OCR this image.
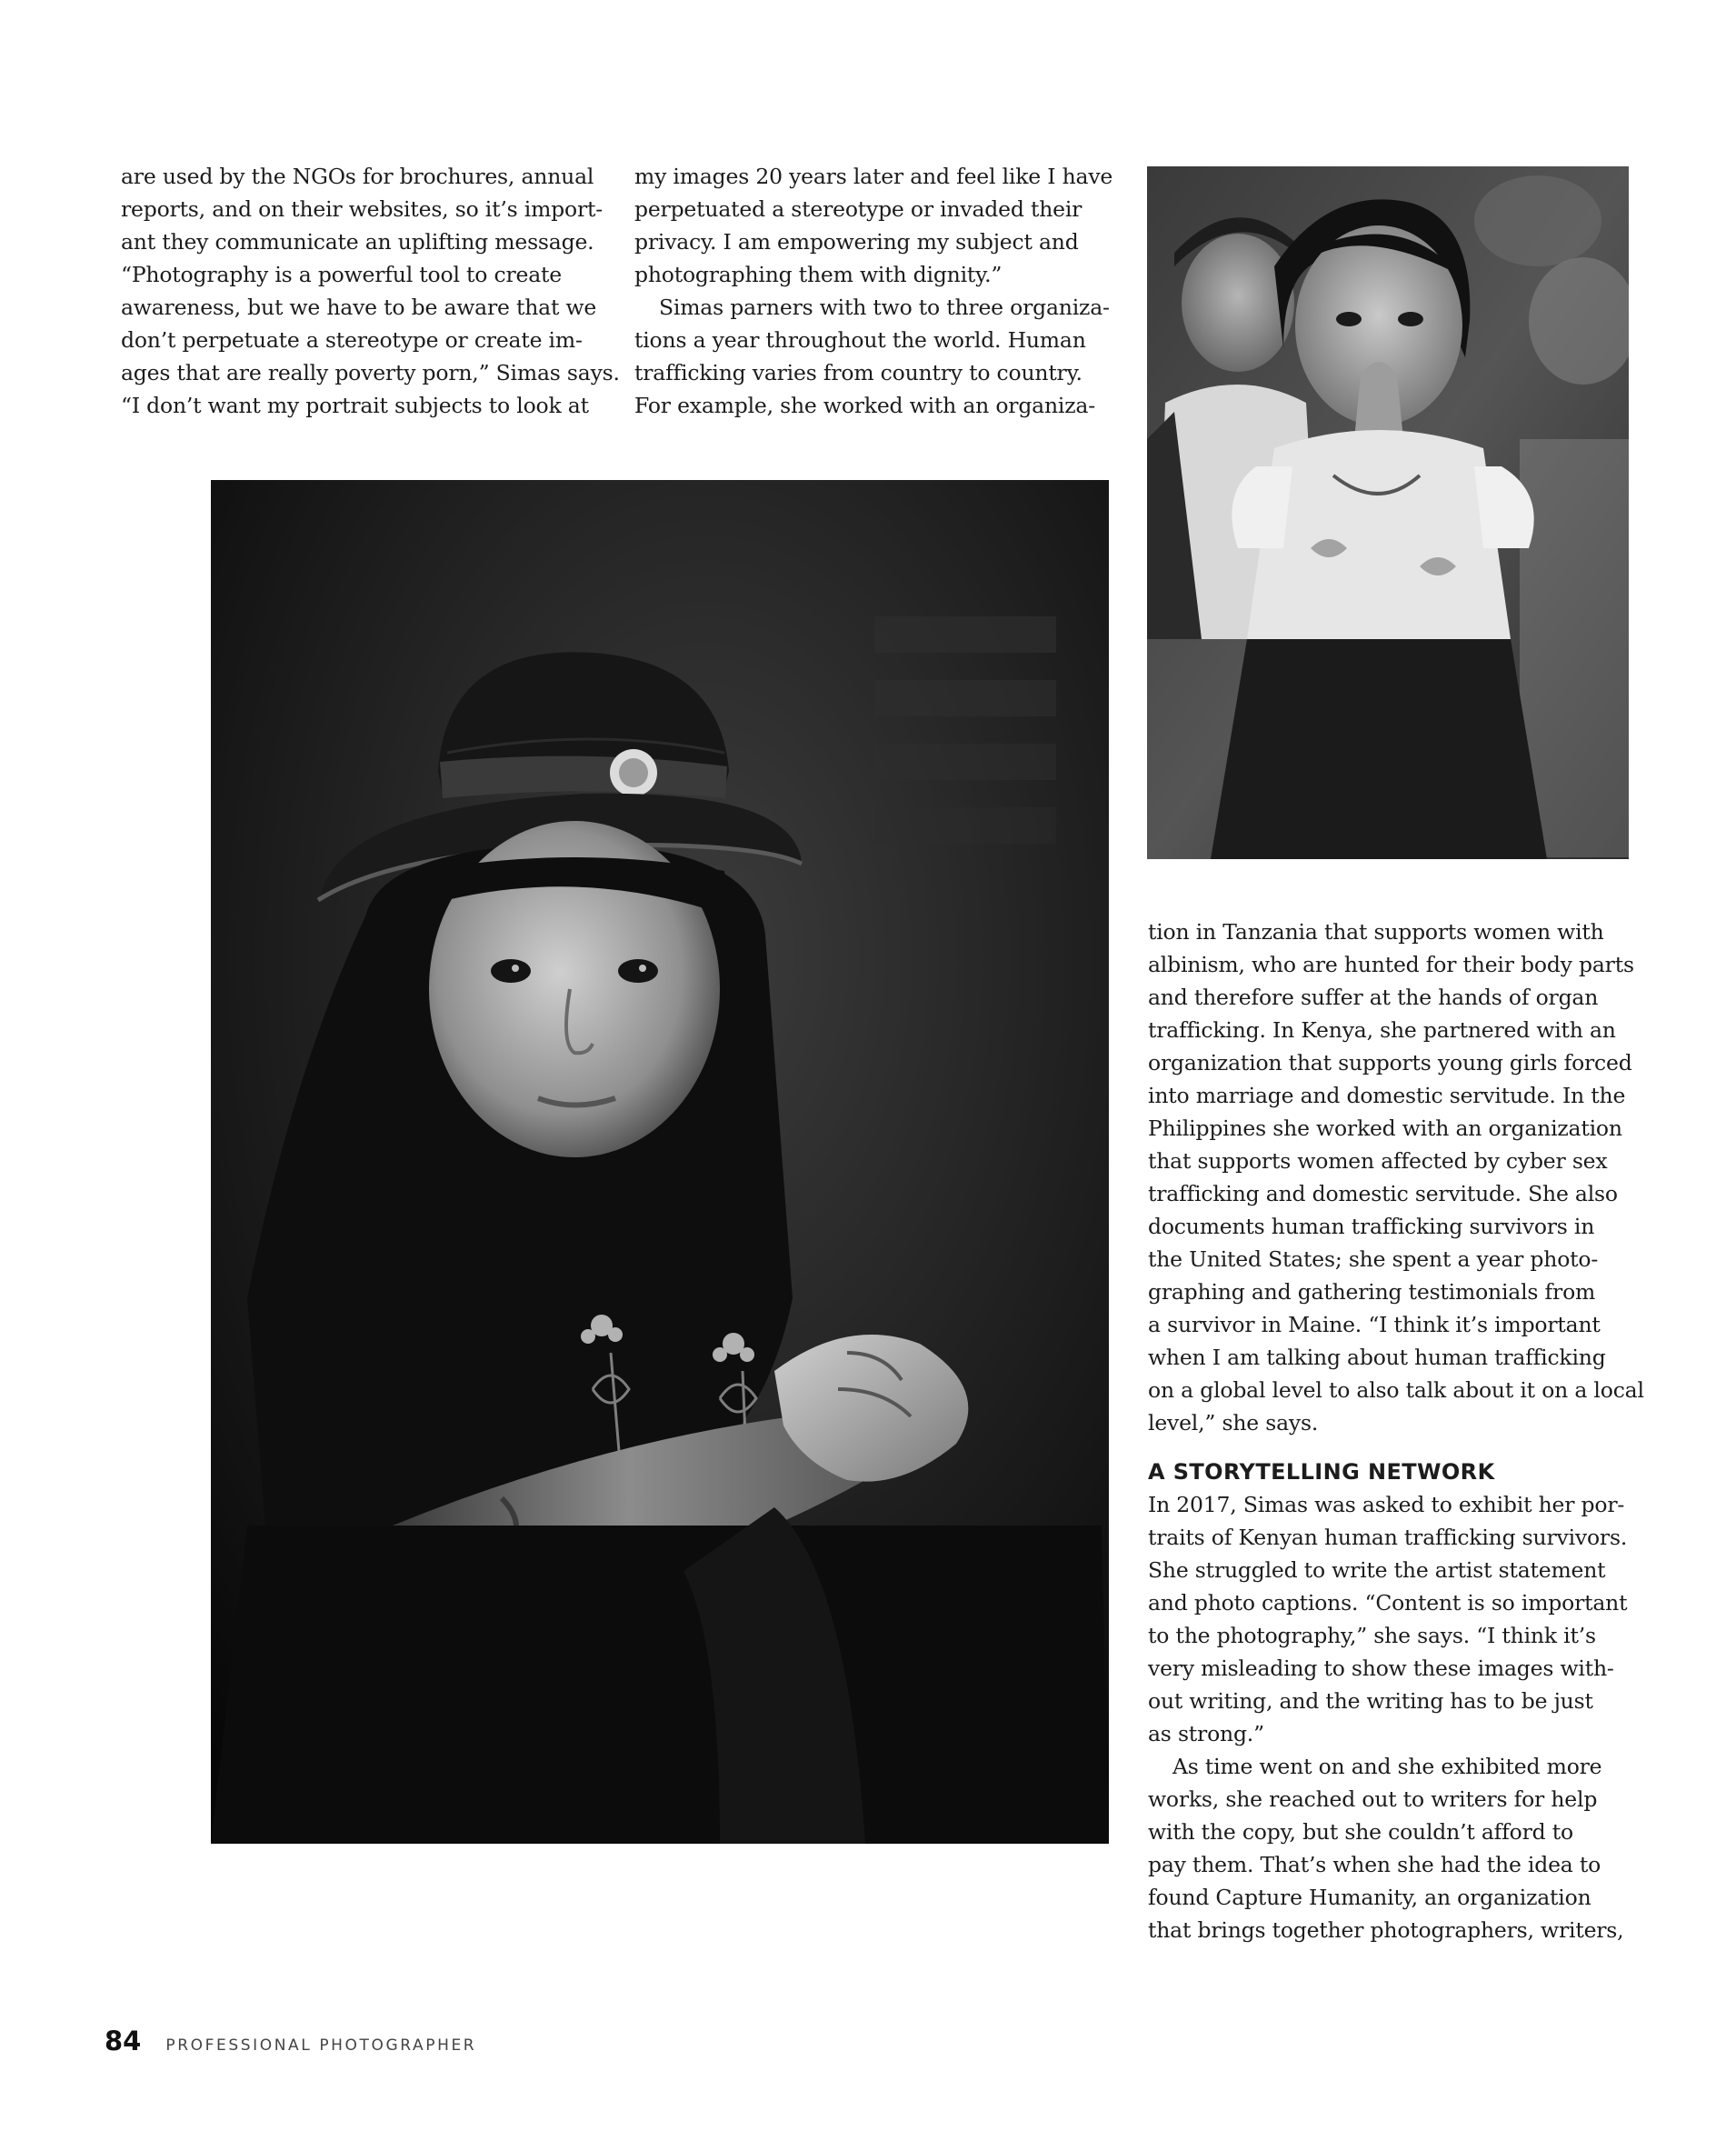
are used by the NGOs for brochures, annual
reports, and on their websites, so it’s import-
ant they communicate an uplifting message.
“Photography is a powerful tool to create
awareness, but we have to be aware that we
don’t perpetuate a stereotype or create im-
ages that are really poverty porn,” Simas says.
“I don’t want my portrait subjects to look at

my images 20 years later and feel like I have
perpetuated a stereotype or invaded their
privacy. I am empowering my subject and
photographing them with dignity.”

Simas parners with two to three organiza-
tions a year throughout the world. Human
trafficking varies from country to country.
For example, she worked with an organiza-

tion in Tanzania that supports women with
albinism, who are hunted for their body parts
and therefore suffer at the hands of organ
trafficking. In Kenya, she partnered with an
organization that supports young girls forced
into marriage and domestic servitude. In the
Philippines she worked with an organization
that supports women affected by cyber sex
trafficking and domestic servitude. She also
documents human trafficking survivors in
the United States; she spent a year photo-
graphing and gathering testimonials from
a survivor in Maine. “I think it’s important
when I am talking about human trafficking
on a global level to also talk about it on a local
level,” she says.

A STORYTELLING NETWORK

In 2017, Simas was asked to exhibit her por-
traits of Kenyan human trafficking survivors.
She struggled to write the artist statement
and photo captions. “Content is so important
to the photography,” she says. “I think it’s
very misleading to show these images with-
out writing, and the writing has to be just
as strong.”

As time went on and she exhibited more
works, she reached out to writers for help
with the copy, but she couldn’t afford to
pay them. That’s when she had the idea to
found Capture Humanity, an organization
that brings together photographers, writers,

84 PROFESSIONAL PHOTOGRAPHER
